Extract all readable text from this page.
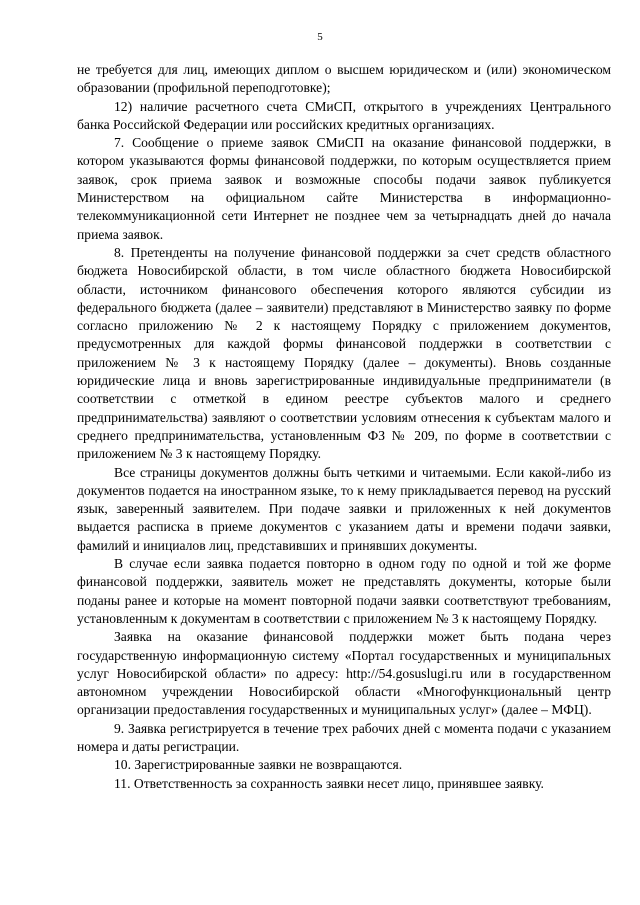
5

не требуется для лиц, имеющих диплом о высшем юридическом и (или) экономическом образовании (профильной переподготовке);

12) наличие расчетного счета СМиСП, открытого в учреждениях Центрального банка Российской Федерации или российских кредитных организациях.

7. Сообщение о приеме заявок СМиСП на оказание финансовой поддержки, в котором указываются формы финансовой поддержки, по которым осуществляется прием заявок, срок приема заявок и возможные способы подачи заявок публикуется Министерством на официальном сайте Министерства в информационно-телекоммуникационной сети Интернет не позднее чем за четырнадцать дней до начала приема заявок.

8. Претенденты на получение финансовой поддержки за счет средств областного бюджета Новосибирской области, в том числе областного бюджета Новосибирской области, источником финансового обеспечения которого являются субсидии из федерального бюджета (далее – заявители) представляют в Министерство заявку по форме согласно приложению № 2 к настоящему Порядку с приложением документов, предусмотренных для каждой формы финансовой поддержки в соответствии с приложением № 3 к настоящему Порядку (далее – документы). Вновь созданные юридические лица и вновь зарегистрированные индивидуальные предприниматели (в соответствии с отметкой в едином реестре субъектов малого и среднего предпринимательства) заявляют о соответствии условиям отнесения к субъектам малого и среднего предпринимательства, установленным ФЗ № 209, по форме в соответствии с приложением № 3 к настоящему Порядку.

Все страницы документов должны быть четкими и читаемыми. Если какой-либо из документов подается на иностранном языке, то к нему прикладывается перевод на русский язык, заверенный заявителем. При подаче заявки и приложенных к ней документов выдается расписка в приеме документов с указанием даты и времени подачи заявки, фамилий и инициалов лиц, представивших и принявших документы.

В случае если заявка подается повторно в одном году по одной и той же форме финансовой поддержки, заявитель может не представлять документы, которые были поданы ранее и которые на момент повторной подачи заявки соответствуют требованиям, установленным к документам в соответствии с приложением № 3 к настоящему Порядку.

Заявка на оказание финансовой поддержки может быть подана через государственную информационную систему «Портал государственных и муниципальных услуг Новосибирской области» по адресу: http://54.gosuslugi.ru или в государственном автономном учреждении Новосибирской области «Многофункциональный центр организации предоставления государственных и муниципальных услуг» (далее – МФЦ).

9. Заявка регистрируется в течение трех рабочих дней с момента подачи с указанием номера и даты регистрации.

10. Зарегистрированные заявки не возвращаются.

11. Ответственность за сохранность заявки несет лицо, принявшее заявку.
